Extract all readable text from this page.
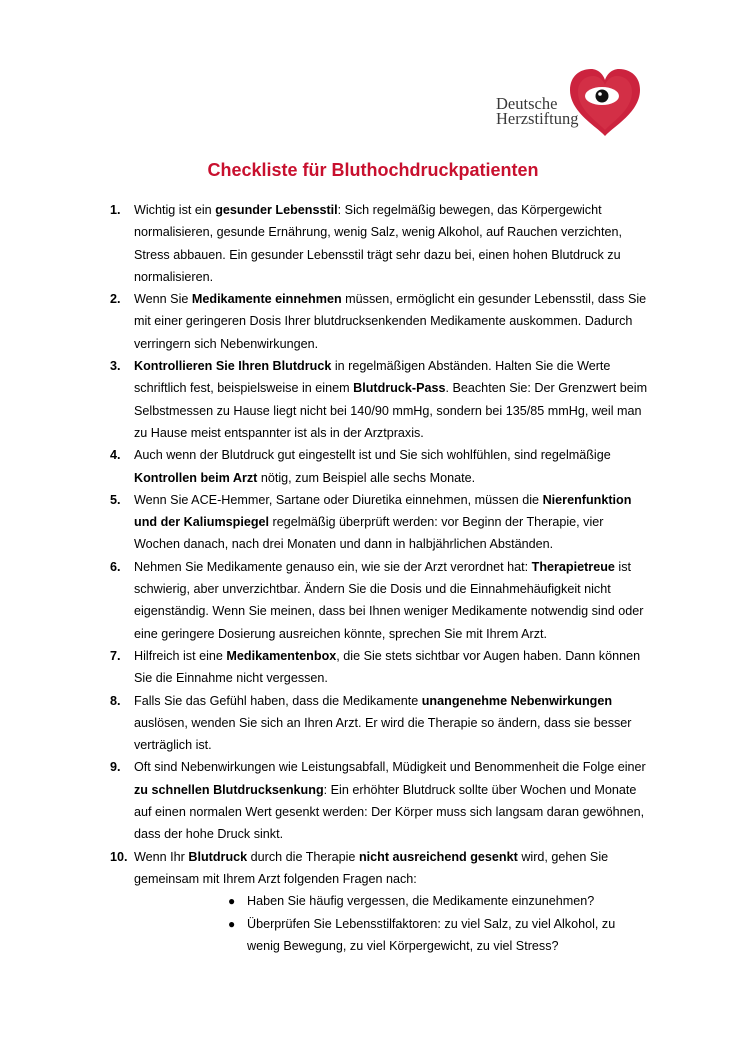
Deutsche
Herzstiftung
Checkliste für Bluthochdruckpatienten
1. Wichtig ist ein gesunder Lebensstil: Sich regelmäßig bewegen, das Körpergewicht normalisieren, gesunde Ernährung, wenig Salz, wenig Alkohol, auf Rauchen verzichten, Stress abbauen. Ein gesunder Lebensstil trägt sehr dazu bei, einen hohen Blutdruck zu normalisieren.
2. Wenn Sie Medikamente einnehmen müssen, ermöglicht ein gesunder Lebensstil, dass Sie mit einer geringeren Dosis Ihrer blutdrucksenkenden Medikamente auskommen. Dadurch verringern sich Nebenwirkungen.
3. Kontrollieren Sie Ihren Blutdruck in regelmäßigen Abständen. Halten Sie die Werte schriftlich fest, beispielsweise in einem Blutdruck-Pass. Beachten Sie: Der Grenzwert beim Selbstmessen zu Hause liegt nicht bei 140/90 mmHg, sondern bei 135/85 mmHg, weil man zu Hause meist entspannter ist als in der Arztpraxis.
4. Auch wenn der Blutdruck gut eingestellt ist und Sie sich wohlfühlen, sind regelmäßige Kontrollen beim Arzt nötig, zum Beispiel alle sechs Monate.
5. Wenn Sie ACE-Hemmer, Sartane oder Diuretika einnehmen, müssen die Nierenfunktion und der Kaliumspiegel regelmäßig überprüft werden: vor Beginn der Therapie, vier Wochen danach, nach drei Monaten und dann in halbjährlichen Abständen.
6. Nehmen Sie Medikamente genauso ein, wie sie der Arzt verordnet hat: Therapietreue ist schwierig, aber unverzichtbar. Ändern Sie die Dosis und die Einnahmehäufigkeit nicht eigenständig. Wenn Sie meinen, dass bei Ihnen weniger Medikamente notwendig sind oder eine geringere Dosierung ausreichen könnte, sprechen Sie mit Ihrem Arzt.
7. Hilfreich ist eine Medikamentenbox, die Sie stets sichtbar vor Augen haben. Dann können Sie die Einnahme nicht vergessen.
8. Falls Sie das Gefühl haben, dass die Medikamente unangenehme Nebenwirkungen auslösen, wenden Sie sich an Ihren Arzt. Er wird die Therapie so ändern, dass sie besser verträglich ist.
9. Oft sind Nebenwirkungen wie Leistungsabfall, Müdigkeit und Benommenheit die Folge einer zu schnellen Blutdrucksenkung: Ein erhöhter Blutdruck sollte über Wochen und Monate auf einen normalen Wert gesenkt werden: Der Körper muss sich langsam daran gewöhnen, dass der hohe Druck sinkt.
10. Wenn Ihr Blutdruck durch die Therapie nicht ausreichend gesenkt wird, gehen Sie gemeinsam mit Ihrem Arzt folgenden Fragen nach:
● Haben Sie häufig vergessen, die Medikamente einzunehmen?
● Überprüfen Sie Lebensstilfaktoren: zu viel Salz, zu viel Alkohol, zu wenig Bewegung, zu viel Körpergewicht, zu viel Stress?
